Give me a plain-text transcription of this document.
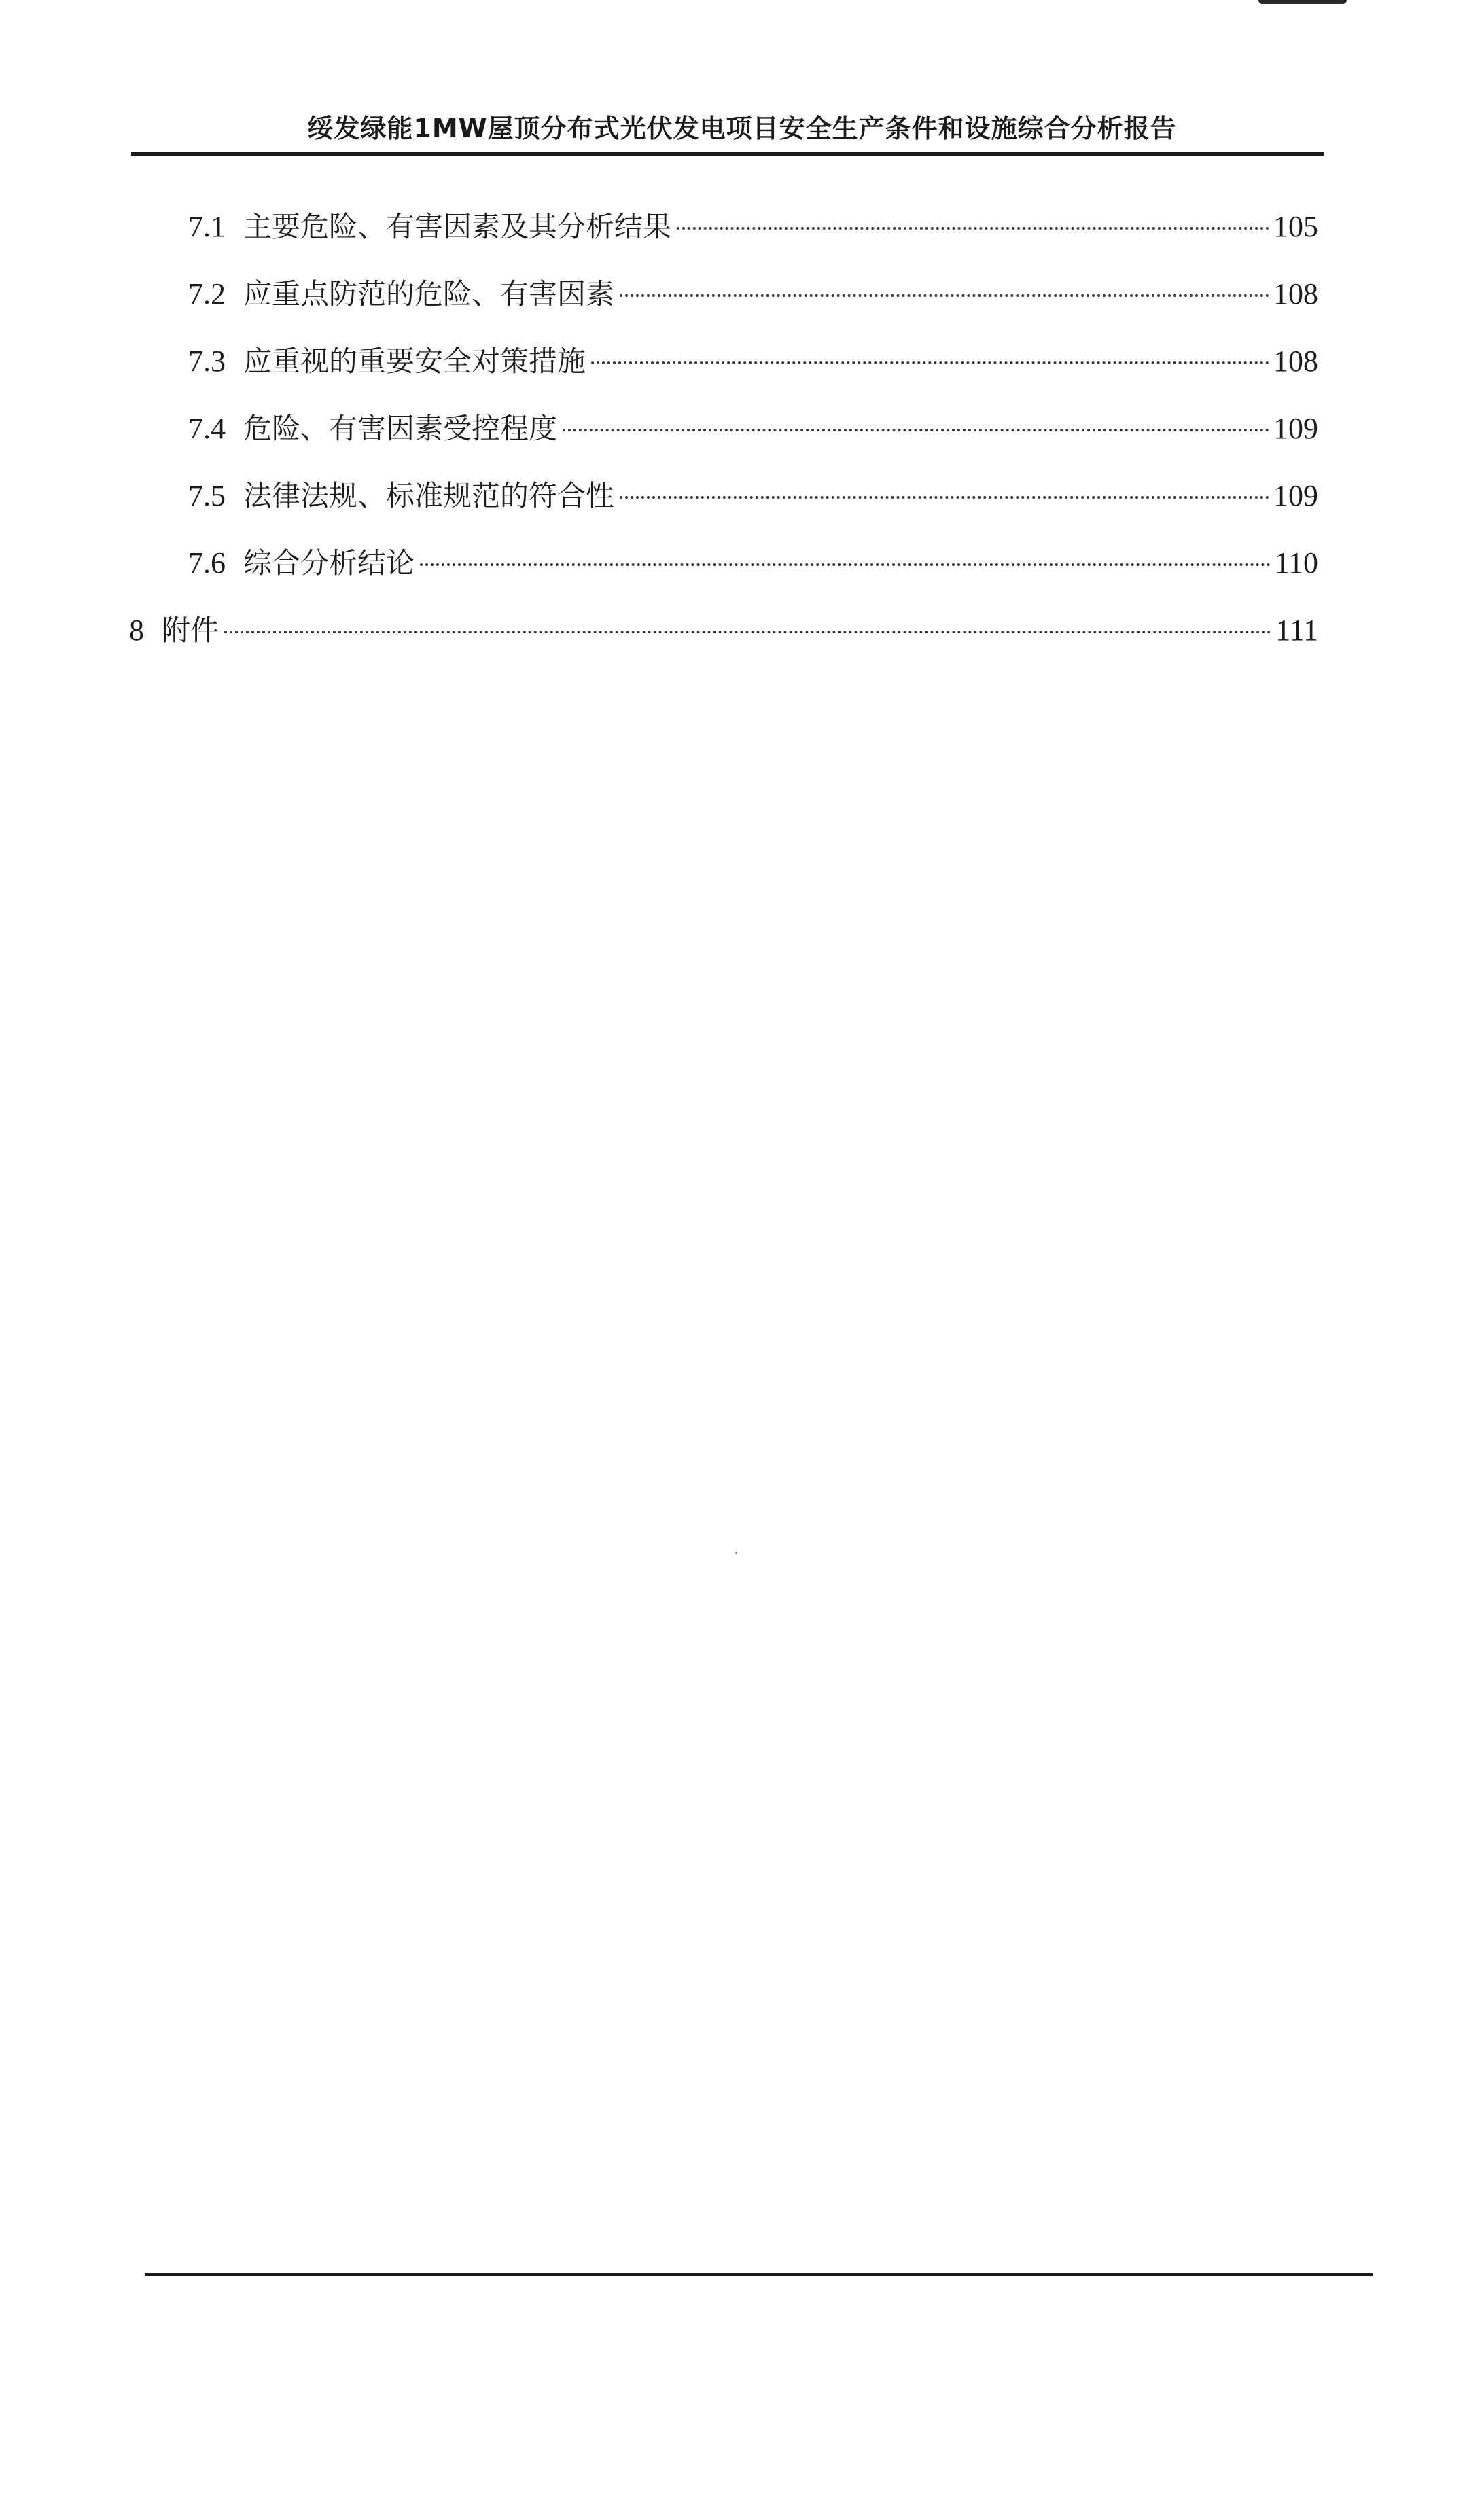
绥发绿能1MW屋顶分布式光伏发电项目安全生产条件和设施综合分析报告
7.1 主要危险、有害因素及其分析结果	105
7.2 应重点防范的危险、有害因素	108
7.3 应重视的重要安全对策措施	108
7.4 危险、有害因素受控程度	109
7.5 法律法规、标准规范的符合性	109
7.6 综合分析结论	110
8 附件	111
